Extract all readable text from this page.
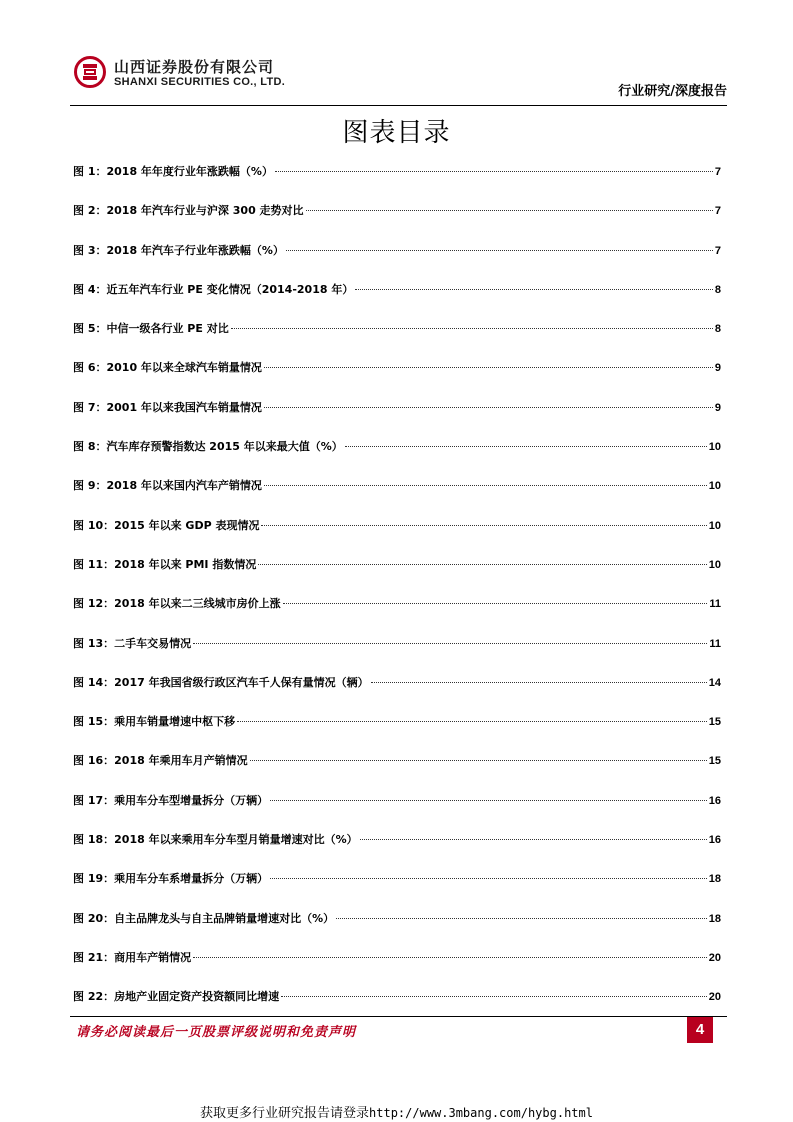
山西证券股份有限公司
SHANXI SECURITIES CO., LTD.
行业研究/深度报告
图表目录
图 1：2018 年年度行业年涨跌幅（%）	7
图 2：2018 年汽车行业与沪深 300 走势对比	7
图 3：2018 年汽车子行业年涨跌幅（%）	7
图 4：近五年汽车行业 PE 变化情况（2014-2018 年）	8
图 5：中信一级各行业 PE 对比	8
图 6：2010 年以来全球汽车销量情况	9
图 7：2001 年以来我国汽车销量情况	9
图 8：汽车库存预警指数达 2015 年以来最大值（%）	10
图 9：2018 年以来国内汽车产销情况	10
图 10：2015 年以来 GDP 表现情况	10
图 11：2018 年以来 PMI 指数情况	10
图 12：2018 年以来二三线城市房价上涨	11
图 13：二手车交易情况	11
图 14：2017 年我国省级行政区汽车千人保有量情况（辆）	14
图 15：乘用车销量增速中枢下移	15
图 16：2018 年乘用车月产销情况	15
图 17：乘用车分车型增量拆分（万辆）	16
图 18：2018 年以来乘用车分车型月销量增速对比（%）	16
图 19：乘用车分车系增量拆分（万辆）	18
图 20：自主品牌龙头与自主品牌销量增速对比（%）	18
图 21：商用车产销情况	20
图 22：房地产业固定资产投资额同比增速	20
请务必阅读最后一页股票评级说明和免责声明	4
获取更多行业研究报告请登录http://www.3mbang.com/hybg.html
